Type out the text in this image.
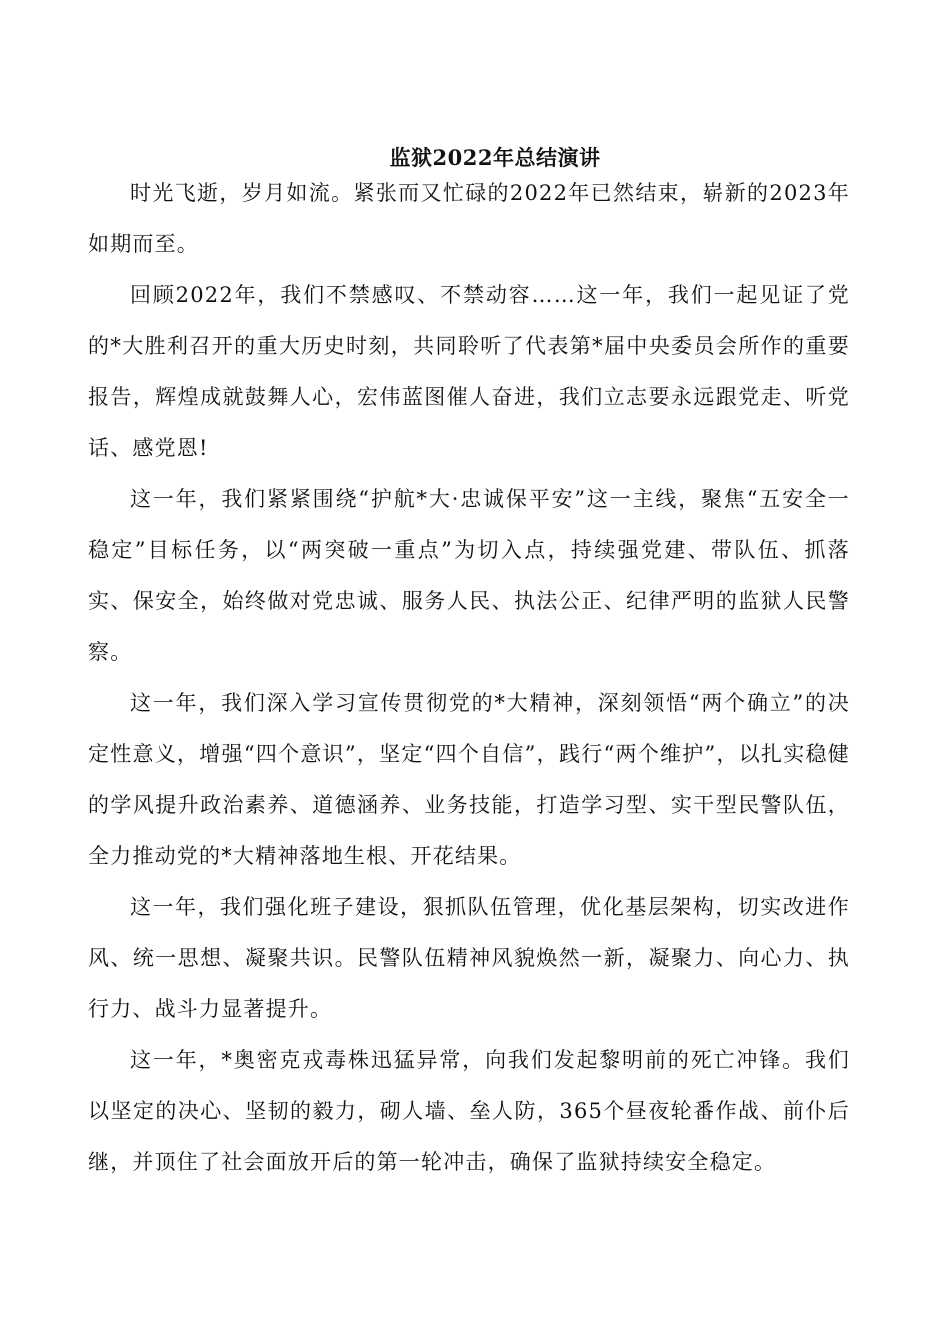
监狱2022年总结演讲

时光飞逝，岁月如流。紧张而又忙碌的2022年已然结束，崭新的2023年如期而至。

回顾2022年，我们不禁感叹、不禁动容……这一年，我们一起见证了党的*大胜利召开的重大历史时刻，共同聆听了代表第*届中央委员会所作的重要报告，辉煌成就鼓舞人心，宏伟蓝图催人奋进，我们立志要永远跟党走、听党话、感党恩!

这一年，我们紧紧围绕“护航*大·忠诚保平安”这一主线，聚焦“五安全一稳定”目标任务，以“两突破一重点”为切入点，持续强党建、带队伍、抓落实、保安全，始终做对党忠诚、服务人民、执法公正、纪律严明的监狱人民警察。

这一年，我们深入学习宣传贯彻党的*大精神，深刻领悟“两个确立”的决定性意义，增强“四个意识”，坚定“四个自信”，践行“两个维护”，以扎实稳健的学风提升政治素养、道德涵养、业务技能，打造学习型、实干型民警队伍，全力推动党的*大精神落地生根、开花结果。

这一年，我们强化班子建设，狠抓队伍管理，优化基层架构，切实改进作风、统一思想、凝聚共识。民警队伍精神风貌焕然一新，凝聚力、向心力、执行力、战斗力显著提升。

这一年，*奥密克戎毒株迅猛异常，向我们发起黎明前的死亡冲锋。我们以坚定的决心、坚韧的毅力，砌人墙、垒人防，365个昼夜轮番作战、前仆后继，并顶住了社会面放开后的第一轮冲击，确保了监狱持续安全稳定。
